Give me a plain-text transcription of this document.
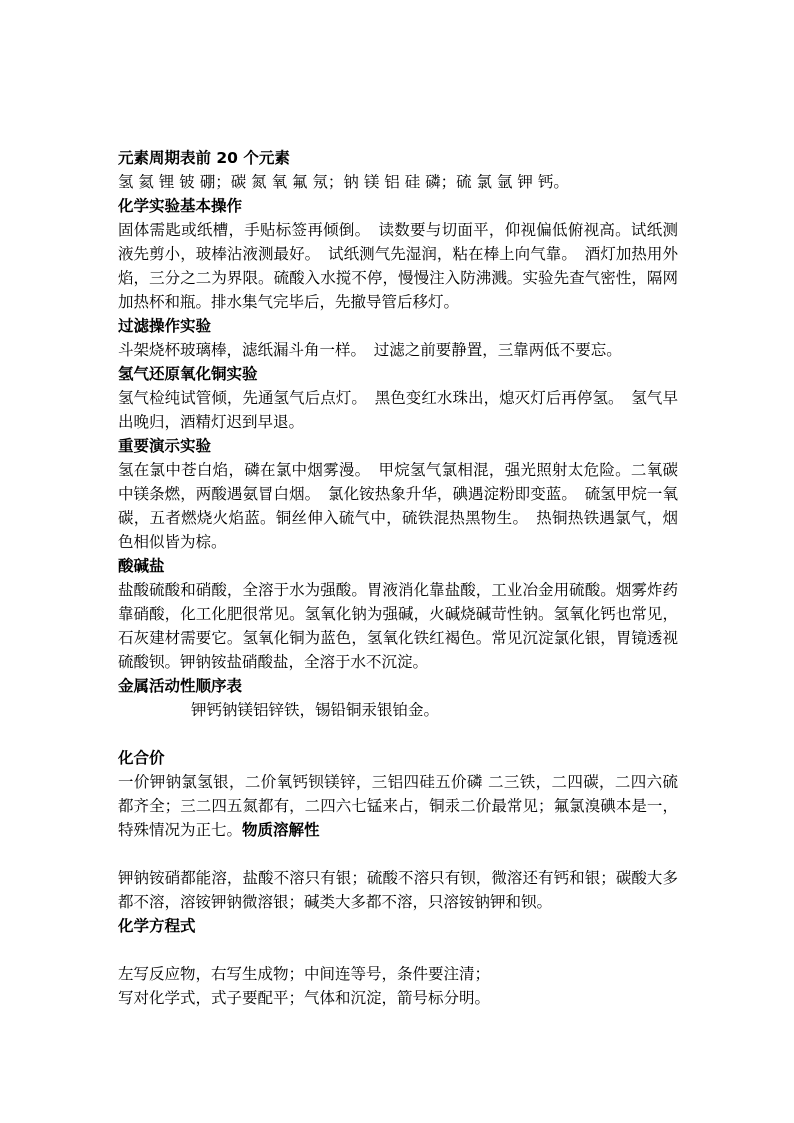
元素周期表前 20 个元素
氢 氦 锂 铍 硼；碳 氮 氧 氟 氖；钠 镁 铝 硅 磷；硫 氯 氩 钾 钙。
化学实验基本操作
固体需匙或纸槽，手贴标签再倾倒。　读数要与切面平，仰视偏低俯视高。试纸测液先剪小，玻棒沾液测最好。　试纸测气先湿润，粘在棒上向气靠。　酒灯加热用外焰，三分之二为界限。硫酸入水搅不停，慢慢注入防沸溅。实验先查气密性，隔网加热杯和瓶。排水集气完毕后，先撤导管后移灯。
过滤操作实验
斗架烧杯玻璃棒，滤纸漏斗角一样。　过滤之前要静置，三靠两低不要忘。
氢气还原氧化铜实验
氢气检纯试管倾，先通氢气后点灯。　黑色变红水珠出，熄灭灯后再停氢。　氢气早出晚归，酒精灯迟到早退。
重要演示实验
氢在氯中苍白焰，磷在氯中烟雾漫。　甲烷氢气氯相混，强光照射太危险。二氧碳中镁条燃，两酸遇氨冒白烟。　氯化铵热象升华，碘遇淀粉即变蓝。　硫氢甲烷一氧碳，五者燃烧火焰蓝。铜丝伸入硫气中，硫铁混热黑物生。　热铜热铁遇氯气，烟色相似皆为棕。
酸碱盐
盐酸硫酸和硝酸，全溶于水为强酸。胃液消化靠盐酸，工业冶金用硫酸。烟雾炸药靠硝酸，化工化肥很常见。氢氧化钠为强碱，火碱烧碱苛性钠。氢氧化钙也常见，石灰建材需要它。氢氧化铜为蓝色，氢氧化铁红褐色。常见沉淀氯化银，胃镜透视硫酸钡。钾钠铵盐硝酸盐，全溶于水不沉淀。
金属活动性顺序表
钾钙钠镁铝锌铁，锡铅铜汞银铂金。
化合价
一价钾钠氯氢银，二价氧钙钡镁锌，三铝四硅五价磷 二三铁，二四碳，二四六硫都齐全；三二四五氮都有，二四六七锰来占，铜汞二价最常见；氟氯溴碘本是一，特殊情况为正七。物质溶解性
钾钠铵硝都能溶，盐酸不溶只有银；硫酸不溶只有钡，微溶还有钙和银；碳酸大多都不溶，溶铵钾钠微溶银；碱类大多都不溶，只溶铵钠钾和钡。
化学方程式
左写反应物，右写生成物；中间连等号，条件要注清；
写对化学式，式子要配平；气体和沉淀，箭号标分明。
